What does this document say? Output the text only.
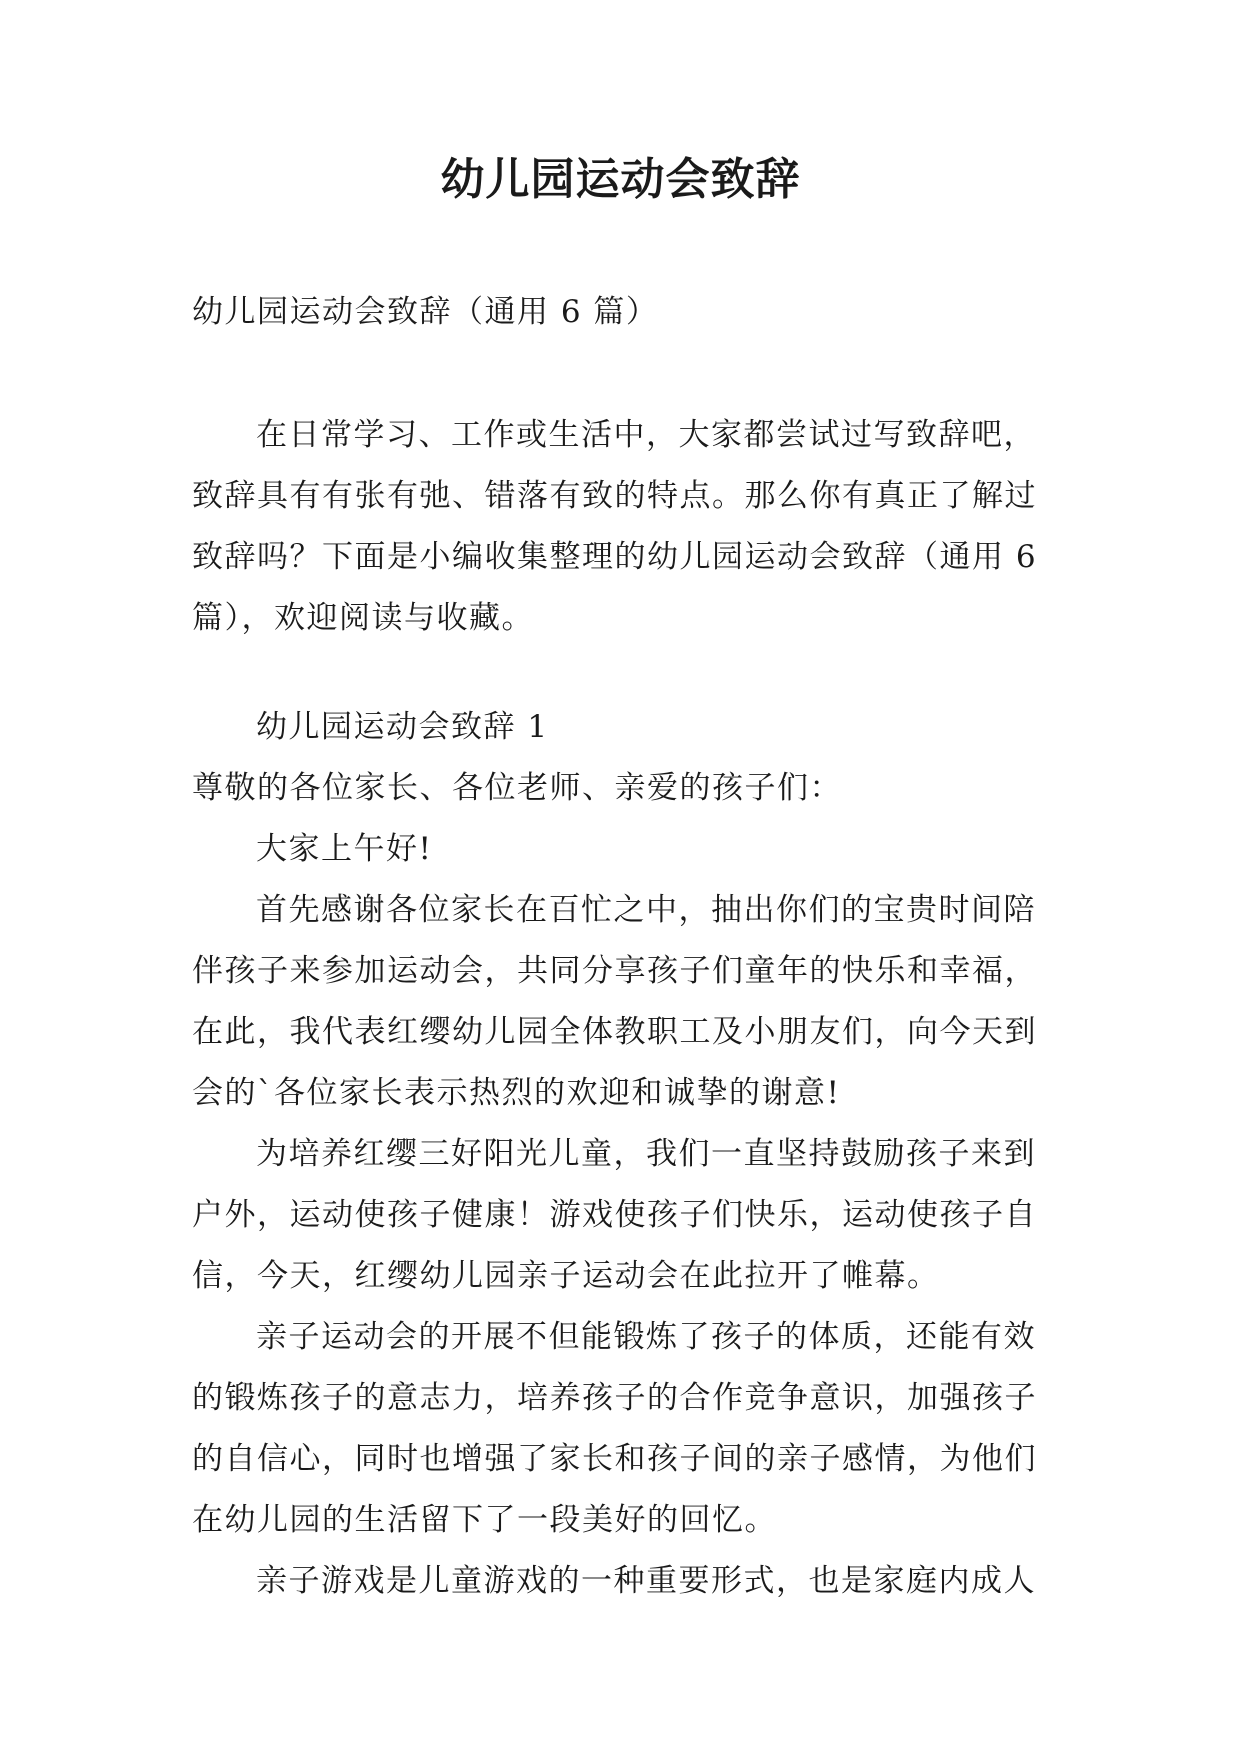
幼儿园运动会致辞
幼儿园运动会致辞（通用 6 篇）
在日常学习、工作或生活中，大家都尝试过写致辞吧，
致辞具有有张有弛、错落有致的特点。那么你有真正了解过
致辞吗？下面是小编收集整理的幼儿园运动会致辞（通用 6
篇），欢迎阅读与收藏。
幼儿园运动会致辞 1
尊敬的各位家长、各位老师、亲爱的孩子们：
大家上午好!
首先感谢各位家长在百忙之中，抽出你们的宝贵时间陪
伴孩子来参加运动会，共同分享孩子们童年的快乐和幸福，
在此，我代表红缨幼儿园全体教职工及小朋友们，向今天到
会的`各位家长表示热烈的欢迎和诚挚的谢意!
为培养红缨三好阳光儿童，我们一直坚持鼓励孩子来到
户外，运动使孩子健康！游戏使孩子们快乐，运动使孩子自
信，今天，红缨幼儿园亲子运动会在此拉开了帷幕。
亲子运动会的开展不但能锻炼了孩子的体质，还能有效
的锻炼孩子的意志力，培养孩子的合作竞争意识，加强孩子
的自信心，同时也增强了家长和孩子间的亲子感情，为他们
在幼儿园的生活留下了一段美好的回忆。
亲子游戏是儿童游戏的一种重要形式，也是家庭内成人
